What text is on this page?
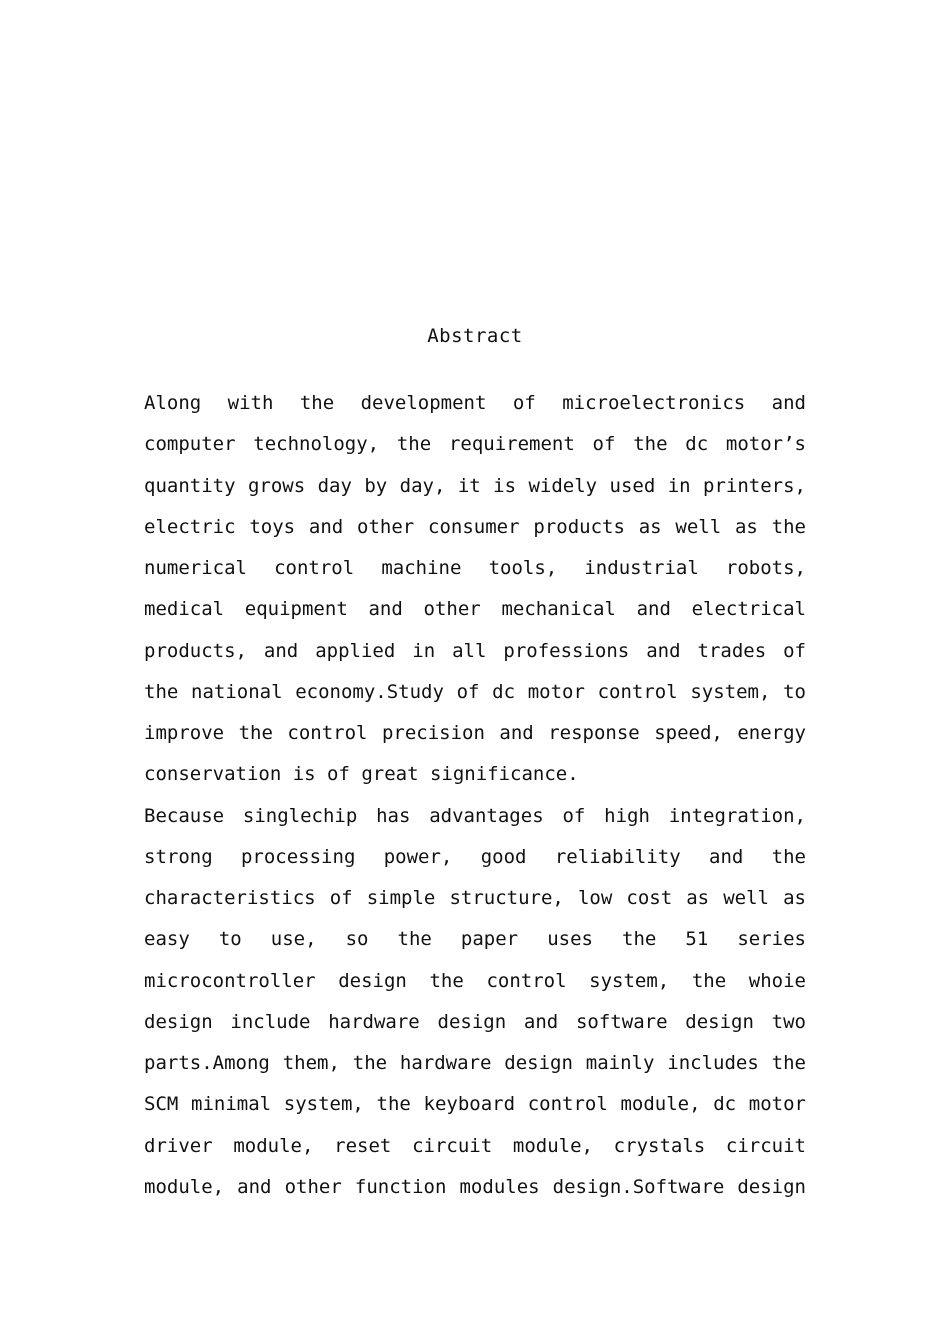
Abstract
Along with the development of microelectronics and
computer technology, the requirement of the dc motor’s
quantity grows day by day, it is widely used in printers,
electric toys and other consumer products as well as the
numerical control machine tools, industrial robots,
medical equipment and other mechanical and electrical
products, and applied in all professions and trades of
the national economy.Study of dc motor control system, to
improve the control precision and response speed, energy
conservation is of great significance.
Because singlechip has advantages of high integration,
strong processing power, good reliability and the
characteristics of simple structure, low cost as well as
easy to use, so the paper uses the 51 series
microcontroller design the control system, the whoie
design include hardware design and software design two
parts.Among them, the hardware design mainly includes the
SCM minimal system, the keyboard control module, dc motor
driver module, reset circuit module, crystals circuit
module, and other function modules design.Software design
